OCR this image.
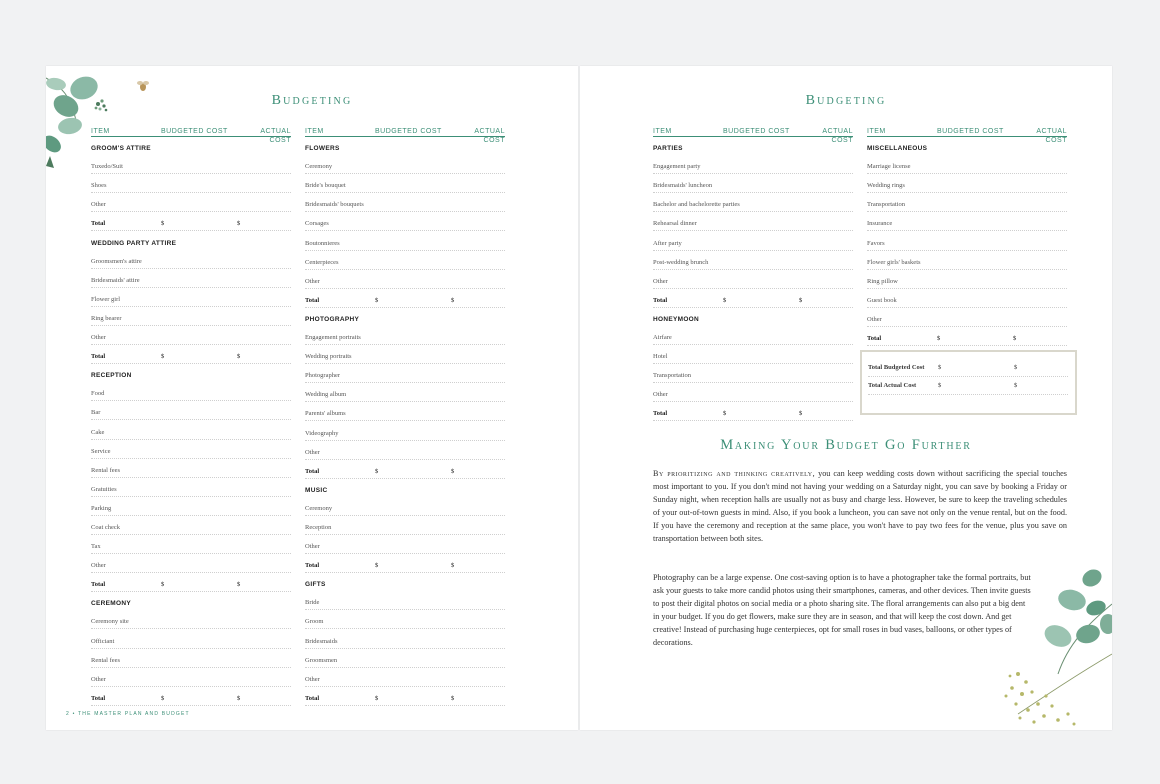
Budgeting
ITEM	BUDGETED COST	ACTUAL COST
GROOM'S ATTIRE
Tuxedo/Suit
Shoes
Other
Total	$	$
WEDDING PARTY ATTIRE
Groomsmen's attire
Bridesmaids' attire
Flower girl
Ring bearer
Other
Total	$	$
RECEPTION
Food
Bar
Cake
Service
Rental fees
Gratuities
Parking
Coat check
Tax
Other
Total	$	$
CEREMONY
Ceremony site
Officiant
Rental fees
Other
Total	$	$
ITEM	BUDGETED COST	ACTUAL COST
FLOWERS
Ceremony
Bride's bouquet
Bridesmaids' bouquets
Corsages
Boutonnieres
Centerpieces
Other
Total	$	$
PHOTOGRAPHY
Engagement portraits
Wedding portraits
Photographer
Wedding album
Parents' albums
Videography
Other
Total	$	$
MUSIC
Ceremony
Reception
Other
Total	$	$
GIFTS
Bride
Groom
Bridesmaids
Groomsmen
Other
Total	$	$
2 • THE MASTER PLAN AND BUDGET
Budgeting
ITEM	BUDGETED COST	ACTUAL COST
PARTIES
Engagement party
Bridesmaids' luncheon
Bachelor and bachelorette parties
Rehearsal dinner
After party
Post-wedding brunch
Other
Total	$	$
HONEYMOON
Airfare
Hotel
Transportation
Other
Total	$	$
ITEM	BUDGETED COST	ACTUAL COST
MISCELLANEOUS
Marriage license
Wedding rings
Transportation
Insurance
Favors
Flower girls' baskets
Ring pillow
Guest book
Other
Total	$	$
Total Budgeted Cost $	$
Total Actual Cost	$	$
Making Your Budget Go Further

By prioritizing and thinking creatively, you can keep wedding costs down without sacrificing the special touches most important to you. If you don't mind not having your wedding on a Saturday night, you can save by booking a Friday or Sunday night, when reception halls are usually not as busy and charge less. However, be sure to keep the traveling schedules of your out-of-town guests in mind. Also, if you book a luncheon, you can save not only on the venue rental, but on the food. If you have the ceremony and reception at the same place, you won't have to pay two fees for the venue, plus you save on transportation between both sites.

Photography can be a large expense. One cost-saving option is to have a photographer take the formal portraits, but ask your guests to take more candid photos using their smartphones, cameras, and other devices. Then invite guests to post their digital photos on social media or a photo sharing site. The floral arrangements can also put a big dent in your budget. If you do get flowers, make sure they are in season, and that will keep the cost down. And get creative! Instead of purchasing huge centerpieces, opt for small roses in bud vases, balloons, or other types of decorations.
